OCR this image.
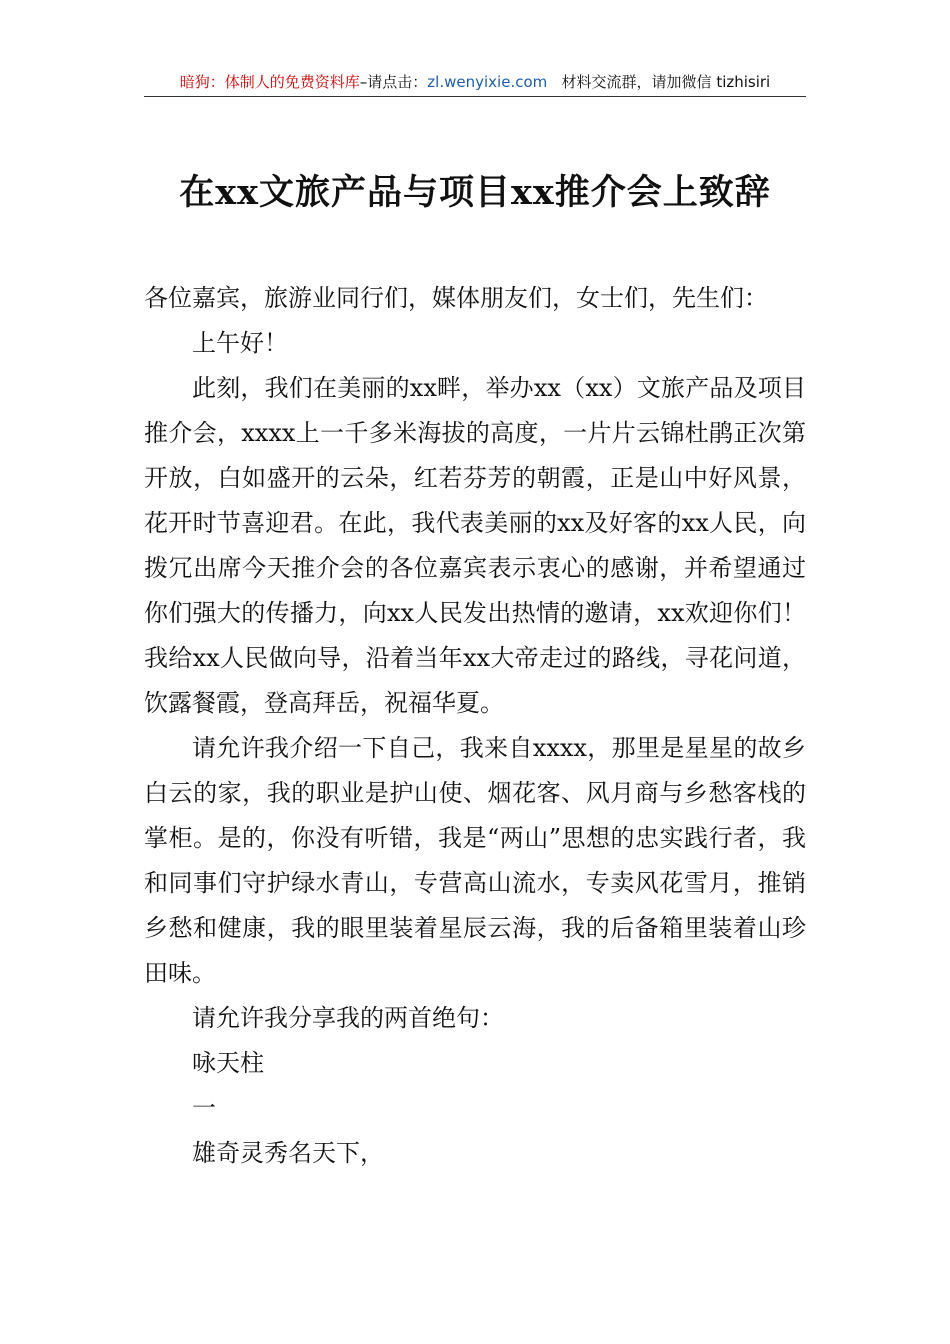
暗狗：体制人的免费资料库–请点击：zl.wenyixie.com 材料交流群，请加微信 tizhisiri
在xx文旅产品与项目xx推介会上致辞

各位嘉宾，旅游业同行们，媒体朋友们，女士们，先生们：

上午好！

此刻，我们在美丽的xx畔，举办xx（xx）文旅产品及项目推介会，xxxx上一千多米海拔的高度，一片片云锦杜鹃正次第开放，白如盛开的云朵，红若芬芳的朝霞，正是山中好风景，花开时节喜迎君。在此，我代表美丽的xx及好客的xx人民，向拨冗出席今天推介会的各位嘉宾表示衷心的感谢，并希望通过你们强大的传播力，向xx人民发出热情的邀请，xx欢迎你们！我给xx人民做向导，沿着当年xx大帝走过的路线，寻花问道，饮露餐霞，登高拜岳，祝福华夏。

请允许我介绍一下自己，我来自xxxx，那里是星星的故乡白云的家，我的职业是护山使、烟花客、风月商与乡愁客栈的掌柜。是的，你没有听错，我是“两山”思想的忠实践行者，我和同事们守护绿水青山，专营高山流水，专卖风花雪月，推销乡愁和健康，我的眼里装着星辰云海，我的后备箱里装着山珍田味。

请允许我分享我的两首绝句：

咏天柱

一

雄奇灵秀名天下，
